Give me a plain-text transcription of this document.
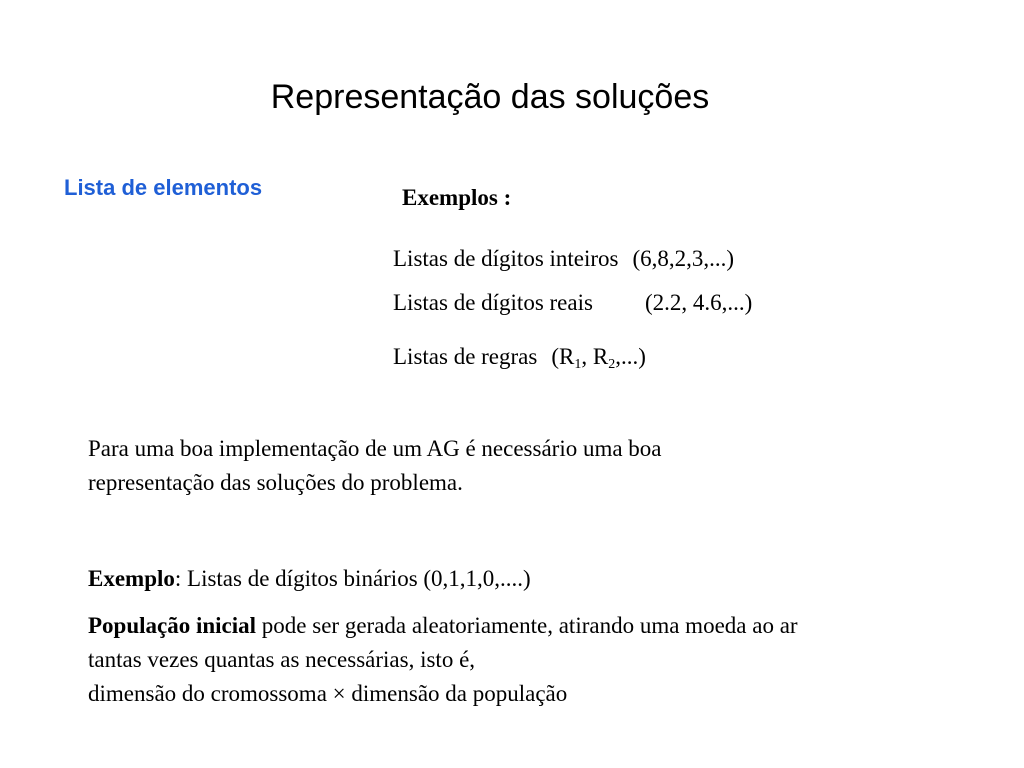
Representação das soluções
Lista de elementos	Exemplos :
Listas de dígitos inteiros (6,8,2,3,...)
Listas de dígitos reais (2.2, 4.6,...)
Listas de regras ($R_1$, $R_2$,...)
Para uma boa implementação de um AG é necessário uma boa
representação das soluções do problema.
Exemplo: Listas de dígitos binários (0,1,1,0,....)
População inicial pode ser gerada aleatoriamente, atirando uma moeda ao ar
tantas vezes quantas as necessárias, isto é,
dimensão do cromossoma × dimensão da população
